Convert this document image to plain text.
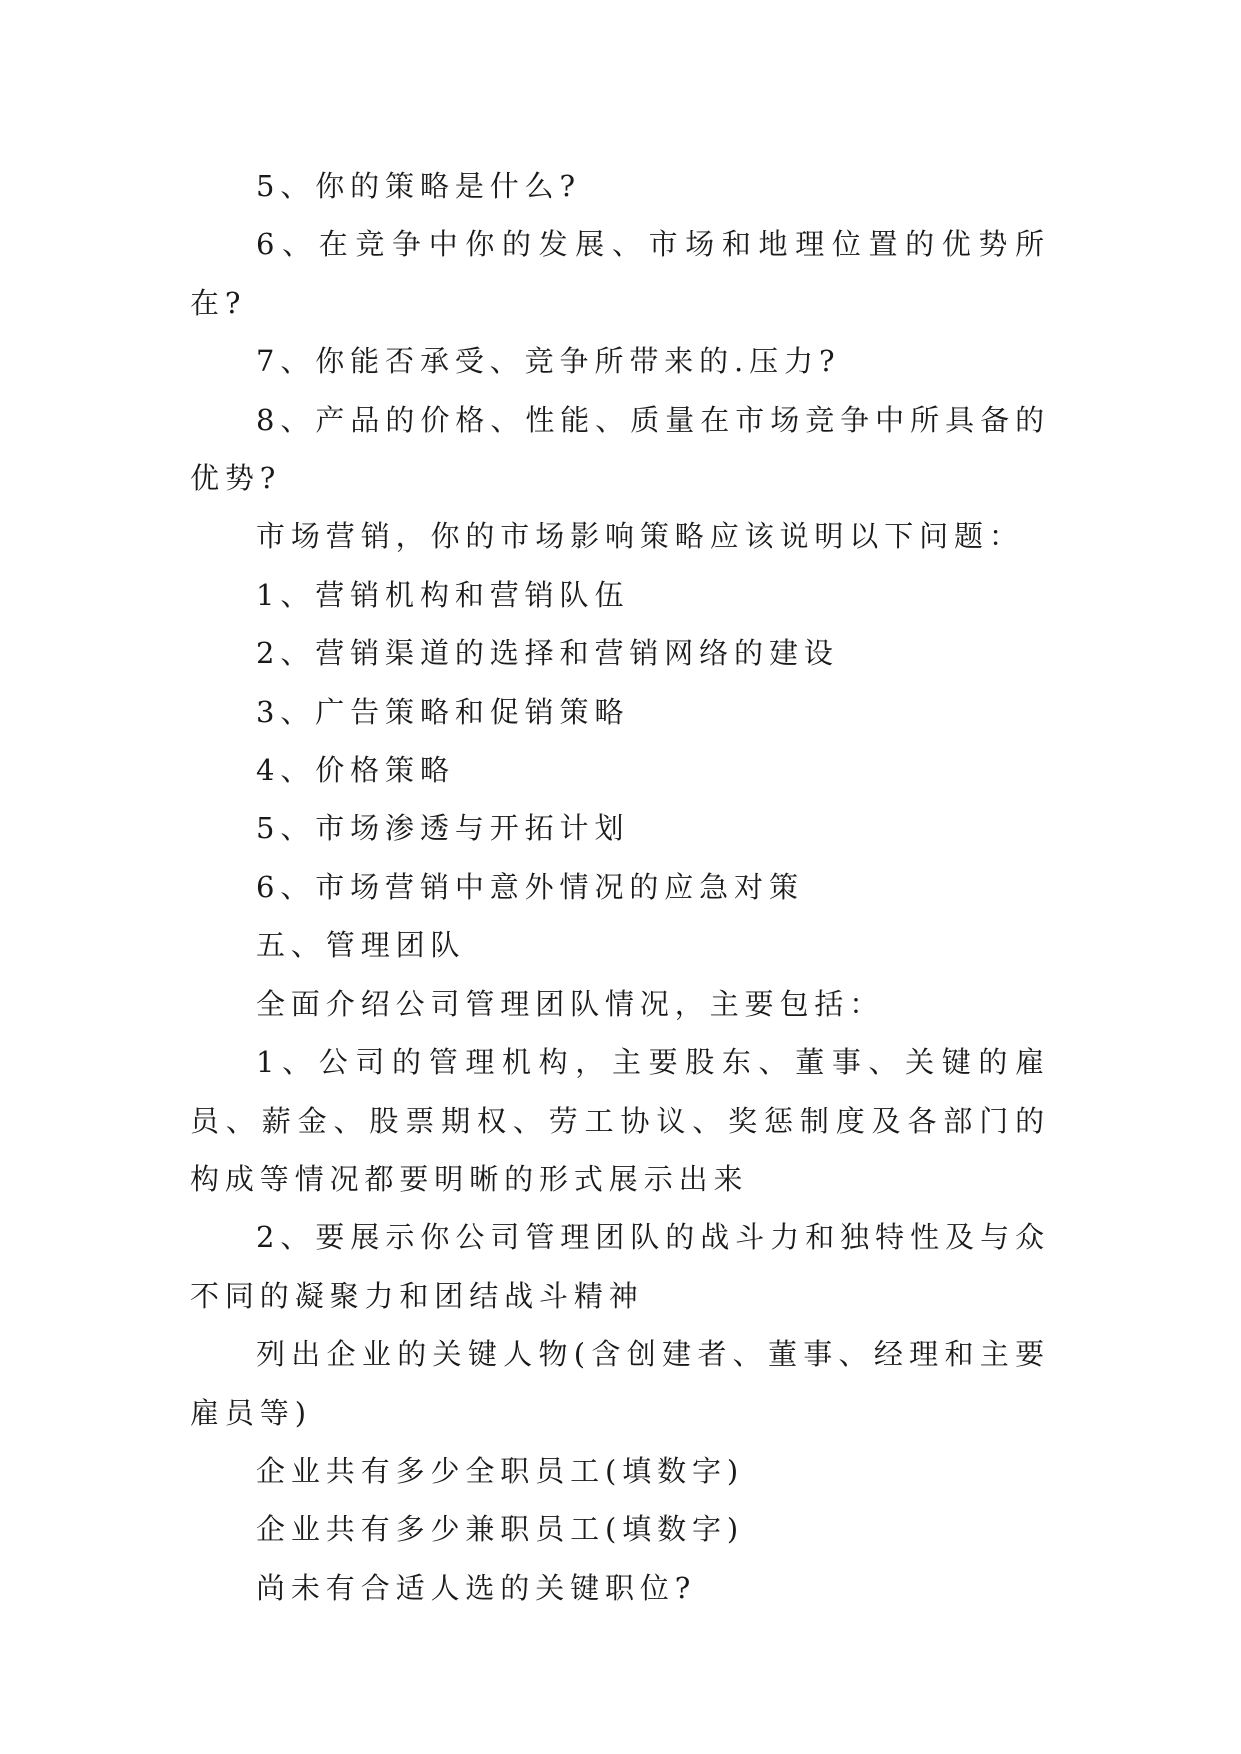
5、你的策略是什么?

6、在竞争中你的发展、市场和地理位置的优势所在?

7、你能否承受、竞争所带来的.压力?

8、产品的价格、性能、质量在市场竞争中所具备的优势?

市场营销，你的市场影响策略应该说明以下问题：

1、营销机构和营销队伍

2、营销渠道的选择和营销网络的建设

3、广告策略和促销策略

4、价格策略

5、市场渗透与开拓计划

6、市场营销中意外情况的应急对策

五、管理团队

全面介绍公司管理团队情况，主要包括：

1、公司的管理机构，主要股东、董事、关键的雇员、薪金、股票期权、劳工协议、奖惩制度及各部门的构成等情况都要明晰的形式展示出来

2、要展示你公司管理团队的战斗力和独特性及与众不同的凝聚力和团结战斗精神

列出企业的关键人物(含创建者、董事、经理和主要雇员等)

企业共有多少全职员工(填数字)

企业共有多少兼职员工(填数字)

尚未有合适人选的关键职位?
